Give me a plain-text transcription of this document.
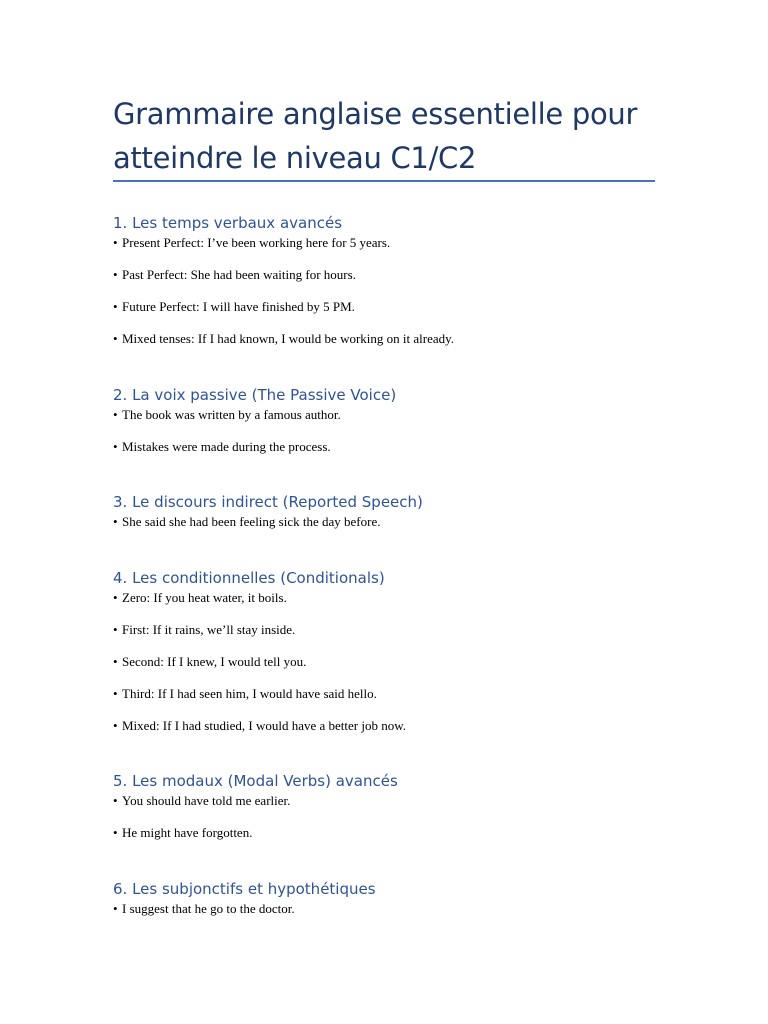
Grammaire anglaise essentielle pour atteindre le niveau C1/C2
1. Les temps verbaux avancés
• Present Perfect: I’ve been working here for 5 years.
• Past Perfect: She had been waiting for hours.
• Future Perfect: I will have finished by 5 PM.
• Mixed tenses: If I had known, I would be working on it already.
2. La voix passive (The Passive Voice)
• The book was written by a famous author.
• Mistakes were made during the process.
3. Le discours indirect (Reported Speech)
• She said she had been feeling sick the day before.
4. Les conditionnelles (Conditionals)
• Zero: If you heat water, it boils.
• First: If it rains, we’ll stay inside.
• Second: If I knew, I would tell you.
• Third: If I had seen him, I would have said hello.
• Mixed: If I had studied, I would have a better job now.
5. Les modaux (Modal Verbs) avancés
• You should have told me earlier.
• He might have forgotten.
6. Les subjonctifs et hypothétiques
• I suggest that he go to the doctor.
